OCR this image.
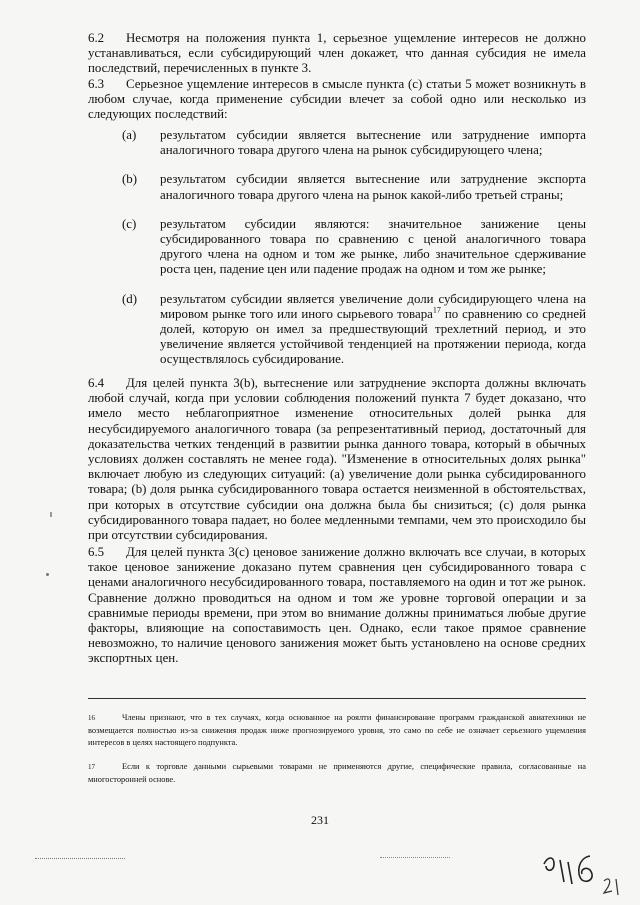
6.2 Несмотря на положения пункта 1, серьезное ущемление интересов не должно устанавливаться, если субсидирующий член докажет, что данная субсидия не имела последствий, перечисленных в пункте 3.
6.3 Серьезное ущемление интересов в смысле пункта (с) статьи 5 может возникнуть в любом случае, когда применение субсидии влечет за собой одно или несколько из следующих последствий:
(a) результатом субсидии является вытеснение или затруднение импорта аналогичного товара другого члена на рынок субсидирующего члена;
(b) результатом субсидии является вытеснение или затруднение экспорта аналогичного товара другого члена на рынок какой-либо третьей страны;
(c) результатом субсидии являются: значительное занижение цены субсидированного товара по сравнению с ценой аналогичного товара другого члена на одном и том же рынке, либо значительное сдерживание роста цен, падение цен или падение продаж на одном и том же рынке;
(d) результатом субсидии является увеличение доли субсидирующего члена на мировом рынке того или иного сырьевого товара$^{17}$ по сравнению со средней долей, которую он имел за предшествующий трехлетний период, и это увеличение является устойчивой тенденцией на протяжении периода, когда осуществлялось субсидирование.
6.4 Для целей пункта 3(b), вытеснение или затруднение экспорта должны включать любой случай, когда при условии соблюдения положений пункта 7 будет доказано, что имело место неблагоприятное изменение относительных долей рынка для несубсидируемого аналогичного товара (за репрезентативный период, достаточный для доказательства четких тенденций в развитии рынка данного товара, который в обычных условиях должен составлять не менее года). "Изменение в относительных долях рынка" включает любую из следующих ситуаций: (а) увеличение доли рынка субсидированного товара; (b) доля рынка субсидированного товара остается неизменной в обстоятельствах, при которых в отсутствие субсидии она должна была бы снизиться; (с) доля рынка субсидированного товара падает, но более медленными темпами, чем это происходило бы при отсутствии субсидирования.
6.5 Для целей пункта 3(с) ценовое занижение должно включать все случаи, в которых такое ценовое занижение доказано путем сравнения цен субсидированного товара с ценами аналогичного несубсидированного товара, поставляемого на один и тот же рынок. Сравнение должно проводиться на одном и том же уровне торговой операции и за сравнимые периоды времени, при этом во внимание должны приниматься любые другие факторы, влияющие на сопоставимость цен. Однако, если такое прямое сравнение невозможно, то наличие ценового занижения может быть установлено на основе средних экспортных цен.
16	Члены признают, что в тех случаях, когда основанное на роялти финансирование программ гражданской авиатехники не возмещается полностью из-за снижения продаж ниже прогнозируемого уровня, это само по себе не означает серьезного ущемления интересов в целях настоящего подпункта.
17	Если к торговле данными сырьевыми товарами не применяются другие, специфические правила, согласованные на многосторонней основе.
231
